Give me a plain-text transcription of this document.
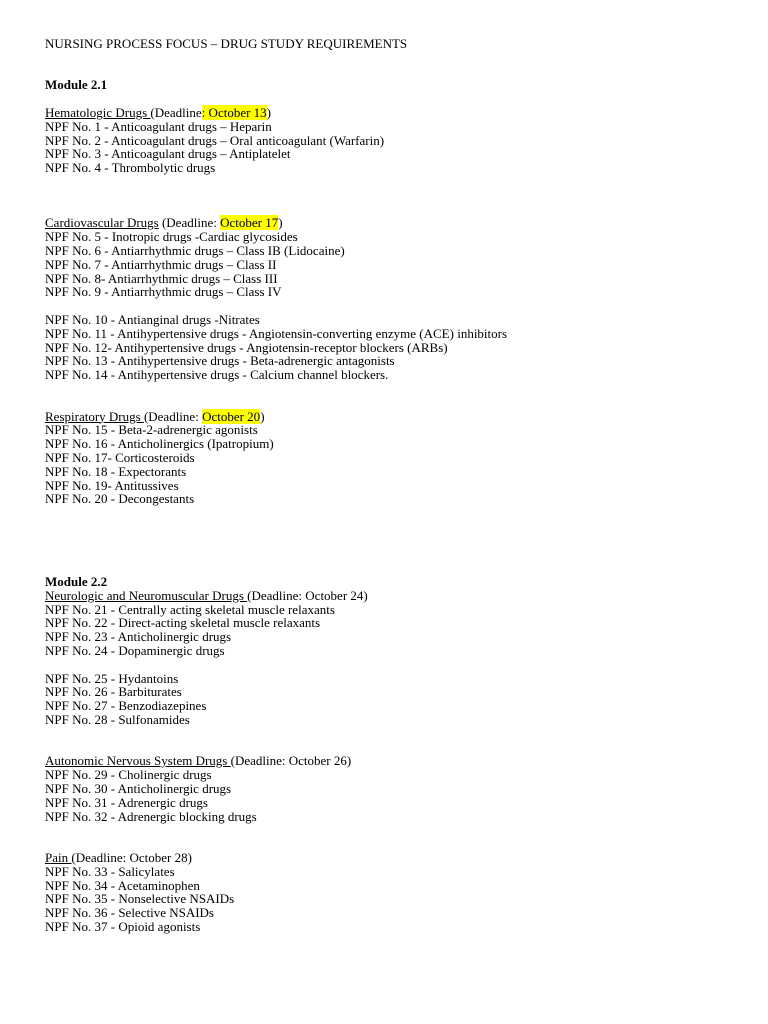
NURSING PROCESS FOCUS – DRUG STUDY REQUIREMENTS
Module 2.1
Hematologic Drugs (Deadline: October 13)
NPF No. 1 - Anticoagulant drugs – Heparin
NPF No. 2 - Anticoagulant drugs – Oral anticoagulant (Warfarin)
NPF No. 3 - Anticoagulant drugs – Antiplatelet
NPF No. 4 - Thrombolytic drugs
Cardiovascular Drugs (Deadline: October 17)
NPF No. 5 - Inotropic drugs -Cardiac glycosides
NPF No. 6 - Antiarrhythmic drugs – Class IB (Lidocaine)
NPF No. 7 - Antiarrhythmic drugs – Class II
NPF No. 8- Antiarrhythmic drugs – Class III
NPF No. 9 - Antiarrhythmic drugs – Class IV
NPF No. 10 - Antianginal drugs -Nitrates
NPF No. 11 - Antihypertensive drugs - Angiotensin-converting enzyme (ACE) inhibitors
NPF No. 12- Antihypertensive drugs - Angiotensin-receptor blockers (ARBs)
NPF No. 13 - Antihypertensive drugs - Beta-adrenergic antagonists
NPF No. 14 - Antihypertensive drugs - Calcium channel blockers.
Respiratory Drugs (Deadline: October 20)
NPF No. 15 - Beta-2-adrenergic agonists
NPF No. 16 - Anticholinergics (Ipatropium)
NPF No. 17- Corticosteroids
NPF No. 18 - Expectorants
NPF No. 19- Antitussives
NPF No. 20 - Decongestants
Module 2.2
Neurologic and Neuromuscular Drugs (Deadline: October 24)
NPF No. 21 - Centrally acting skeletal muscle relaxants
NPF No. 22 - Direct-acting skeletal muscle relaxants
NPF No. 23 - Anticholinergic drugs
NPF No. 24 - Dopaminergic drugs
NPF No. 25 - Hydantoins
NPF No. 26 - Barbiturates
NPF No. 27 - Benzodiazepines
NPF No. 28 - Sulfonamides
Autonomic Nervous System Drugs (Deadline: October 26)
NPF No. 29 - Cholinergic drugs
NPF No. 30 - Anticholinergic drugs
NPF No. 31 - Adrenergic drugs
NPF No. 32 - Adrenergic blocking drugs
Pain (Deadline: October 28)
NPF No. 33 - Salicylates
NPF No. 34 - Acetaminophen
NPF No. 35 - Nonselective NSAIDs
NPF No. 36 - Selective NSAIDs
NPF No. 37 - Opioid agonists
